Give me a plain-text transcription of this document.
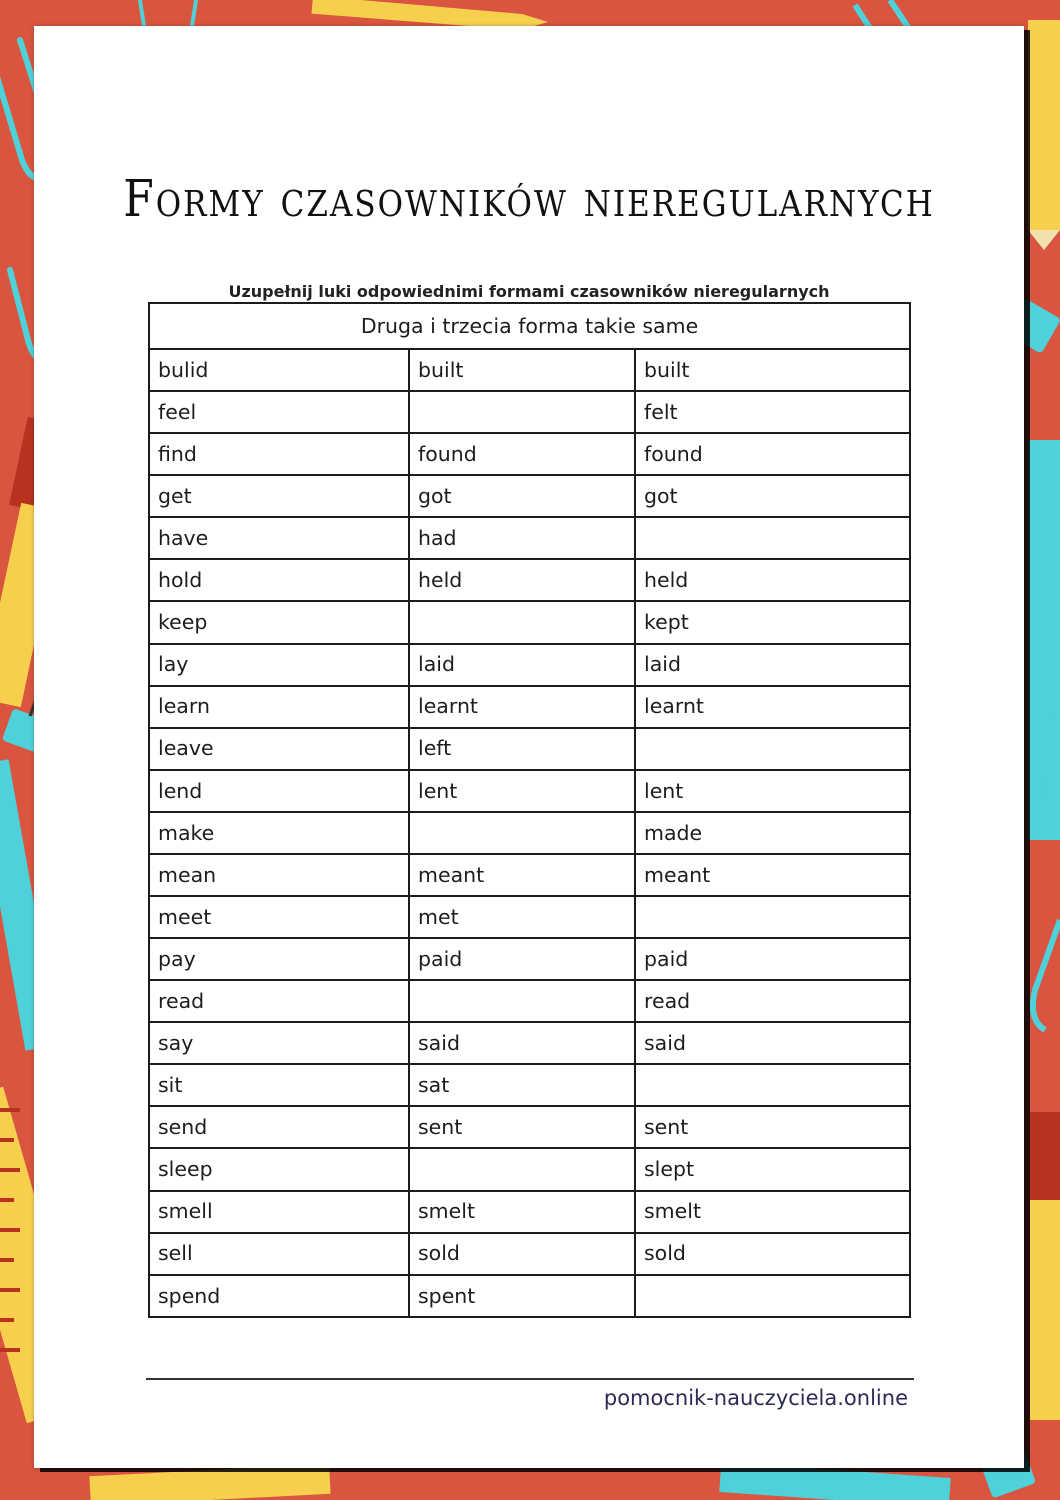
Formy czasowników nieregularnych

Uzupełnij luki odpowiednimi formami czasowników nieregularnych

Druga i trzecia forma takie same		
bulid	built	built
feel		felt
find	found	found
get	got	got
have	had	
hold	held	held
keep		kept
lay	laid	laid
learn	learnt	learnt
leave	left	
lend	lent	lent
make		made
mean	meant	meant
meet	met	
pay	paid	paid
read		read
say	said	said
sit	sat	
send	sent	sent
sleep		slept
smell	smelt	smelt
sell	sold	sold
spend	spent	
pomocnik-nauczyciela.online
